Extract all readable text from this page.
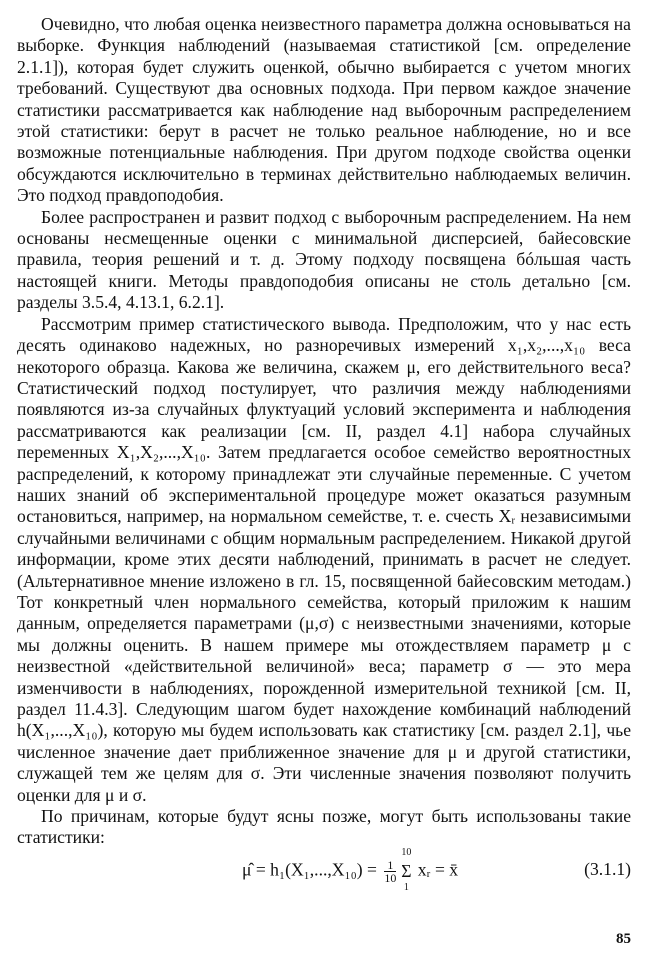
Очевидно, что любая оценка неизвестного параметра должна основываться на выборке. Функция наблюдений (называемая статистикой [см. определение 2.1.1]), которая будет служить оценкой, обычно выбирается с учетом многих требований. Существуют два основных подхода. При первом каждое значение статистики рассматривается как наблюдение над выборочным распределением этой статистики: берут в расчет не только реальное наблюдение, но и все возможные потенциальные наблюдения. При другом подходе свойства оценки обсуждаются исключительно в терминах действительно наблюдаемых величин. Это подход правдоподобия.

Более распространен и развит подход с выборочным распределением. На нем основаны несмещенные оценки с минимальной дисперсией, байесовские правила, теория решений и т. д. Этому подходу посвящена бóльшая часть настоящей книги. Методы правдоподобия описаны не столь детально [см. разделы 3.5.4, 4.13.1, 6.2.1].

Рассмотрим пример статистического вывода. Предположим, что у нас есть десять одинаково надежных, но разноречивых измерений x₁,x₂,...,x₁₀ веса некоторого образца. Какова же величина, скажем μ, его действительного веса? Статистический подход постулирует, что различия между наблюдениями появляются из-за случайных флуктуаций условий эксперимента и наблюдения рассматриваются как реализации [см. II, раздел 4.1] набора случайных переменных X₁,X₂,...,X₁₀. Затем предлагается особое семейство вероятностных распределений, к которому принадлежат эти случайные переменные. С учетом наших знаний об экспериментальной процедуре может оказаться разумным остановиться, например, на нормальном семействе, т. е. счесть Xᵣ независимыми случайными величинами с общим нормальным распределением. Никакой другой информации, кроме этих десяти наблюдений, принимать в расчет не следует. (Альтернативное мнение изложено в гл. 15, посвященной байесовским методам.) Тот конкретный член нормального семейства, который приложим к нашим данным, определяется параметрами (μ,σ) с неизвестными значениями, которые мы должны оценить. В нашем примере мы отождествляем параметр μ с неизвестной «действительной величиной» веса; параметр σ — это мера изменчивости в наблюдениях, порожденной измерительной техникой [см. II, раздел 11.4.3]. Следующим шагом будет нахождение комбинаций наблюдений h(X₁,...,X₁₀), которую мы будем использовать как статистику [см. раздел 2.1], чье численное значение дает приближенное значение для μ и другой статистики, служащей тем же целям для σ. Эти численные значения позволяют получить оценки для μ и σ.

По причинам, которые будут ясны позже, могут быть использованы такие статистики:

μ̂ = $h_1(X_1,...,X_{10}) = \frac{1}{10}$
10
Σ
1
xᵣ = x̄	(3.1.1)
85
